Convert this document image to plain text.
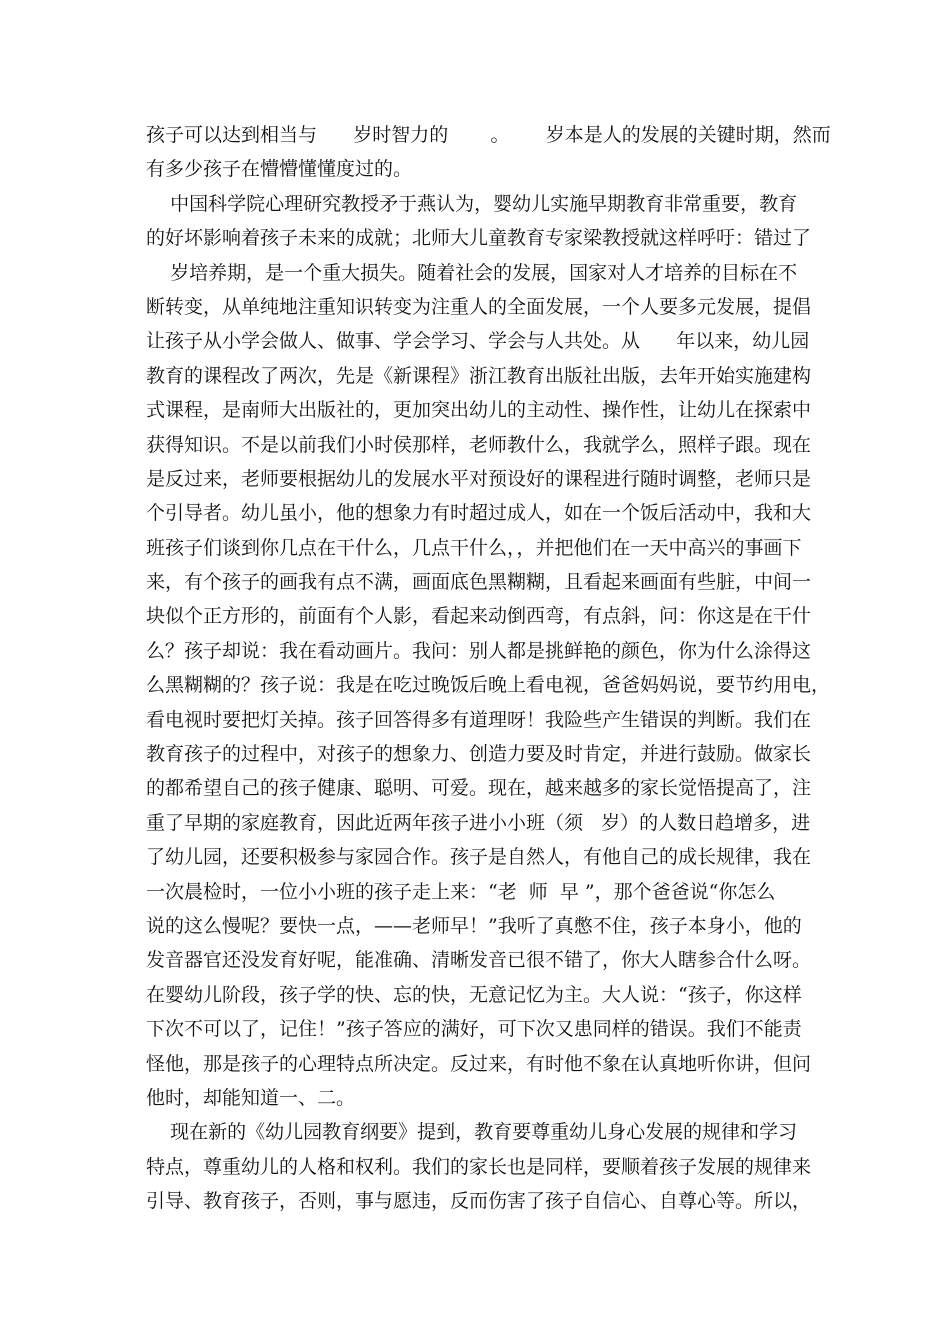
孩子可以达到相当与      岁时智力的       。      岁本是人的发展的关键时期，然而
有多少孩子在懵懵懂懂度过的。
中国科学院心理研究教授矛于燕认为，婴幼儿实施早期教育非常重要，教育
的好坏影响着孩子未来的成就；北师大儿童教育专家梁教授就这样呼吁：错过了
岁培养期，是一个重大损失。随着社会的发展，国家对人才培养的目标在不
断转变，从单纯地注重知识转变为注重人的全面发展，一个人要多元发展，提倡
让孩子从小学会做人、做事、学会学习、学会与人共处。从      年以来，幼儿园
教育的课程改了两次，先是《新课程》浙江教育出版社出版，去年开始实施建构
式课程，是南师大出版社的，更加突出幼儿的主动性、操作性，让幼儿在探索中
获得知识。不是以前我们小时侯那样，老师教什么，我就学么，照样子跟。现在
是反过来，老师要根据幼儿的发展水平对预设好的课程进行随时调整，老师只是
个引导者。幼儿虽小，他的想象力有时超过成人，如在一个饭后活动中，我和大
班孩子们谈到你几点在干什么，几点干什么，，并把他们在一天中高兴的事画下
来，有个孩子的画我有点不满，画面底色黑糊糊，且看起来画面有些脏，中间一
块似个正方形的，前面有个人影，看起来动倒西弯，有点斜，问：你这是在干什
么？孩子却说：我在看动画片。我问：别人都是挑鲜艳的颜色，你为什么涂得这
么黑糊糊的？孩子说：我是在吃过晚饭后晚上看电视，爸爸妈妈说，要节约用电，
看电视时要把灯关掉。孩子回答得多有道理呀！我险些产生错误的判断。我们在
教育孩子的过程中，对孩子的想象力、创造力要及时肯定，并进行鼓励。做家长
的都希望自己的孩子健康、聪明、可爱。现在，越来越多的家长觉悟提高了，注
重了早期的家庭教育，因此近两年孩子进小小班（须   岁）的人数日趋增多，进
了幼儿园，还要积极参与家园合作。孩子是自然人，有他自己的成长规律，我在
一次晨检时，一位小小班的孩子走上来：“老  师  早 ”，那个爸爸说“你怎么
说的这么慢呢？要快一点，——老师早！”我听了真憋不住，孩子本身小，他的
发音器官还没发育好呢，能准确、清晰发音已很不错了，你大人瞎参合什么呀。
在婴幼儿阶段，孩子学的快、忘的快，无意记忆为主。大人说：“孩子，你这样
下次不可以了，记住！”孩子答应的满好，可下次又患同样的错误。我们不能责
怪他，那是孩子的心理特点所决定。反过来，有时他不象在认真地听你讲，但问
他时，却能知道一、二。
现在新的《幼儿园教育纲要》提到，教育要尊重幼儿身心发展的规律和学习
特点，尊重幼儿的人格和权利。我们的家长也是同样，要顺着孩子发展的规律来
引导、教育孩子，否则，事与愿违，反而伤害了孩子自信心、自尊心等。所以，
